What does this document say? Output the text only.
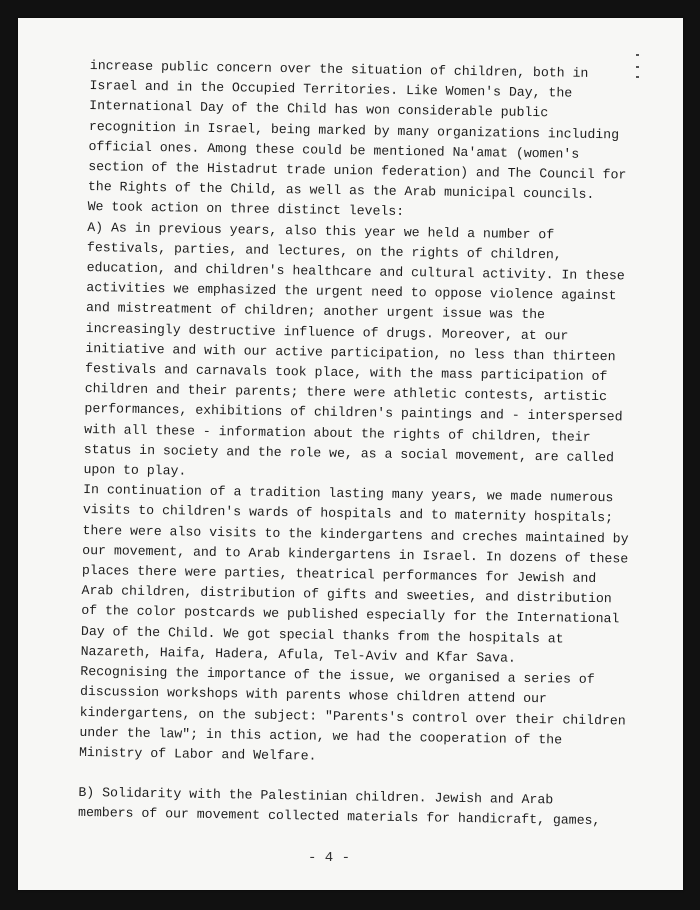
increase public concern over the situation of children, both in
Israel and in the Occupied Territories. Like Women's Day, the
International Day of the Child has won considerable public
recognition in Israel, being marked by many organizations including
official ones. Among these could be mentioned Na'amat (women's
section of the Histadrut trade union federation) and The Council for
the Rights of the Child, as well as the Arab municipal councils.

We took action on three distinct levels:

A) As in previous years, also this year we held a number of
festivals, parties, and lectures, on the rights of children,
education, and children's healthcare and cultural activity. In these
activities we emphasized the urgent need to oppose violence against
and mistreatment of children; another urgent issue was the
increasingly destructive influence of drugs. Moreover, at our
initiative and with our active participation, no less than thirteen
festivals and carnavals took place, with the mass participation of
children and their parents; there were athletic contests, artistic
performances, exhibitions of children's paintings and - interspersed
with all these - information about the rights of children, their
status in society and the role we, as a social movement, are called
upon to play.

In continuation of a tradition lasting many years, we made numerous
visits to children's wards of hospitals and to maternity hospitals;
there were also visits to the kindergartens and creches maintained by
our movement, and to Arab kindergartens in Israel. In dozens of these
places there were parties, theatrical performances for Jewish and
Arab children, distribution of gifts and sweeties, and distribution
of the color postcards we published especially for the International
Day of the Child. We got special thanks from the hospitals at
Nazareth, Haifa, Hadera, Afula, Tel-Aviv and Kfar Sava.

Recognising the importance of the issue, we organised a series of
discussion workshops with parents whose children attend our
kindergartens, on the subject: "Parents's control over their children
under the law"; in this action, we had the cooperation of the
Ministry of Labor and Welfare.

B) Solidarity with the Palestinian children. Jewish and Arab
members of our movement collected materials for handicraft, games,

- 4 -
